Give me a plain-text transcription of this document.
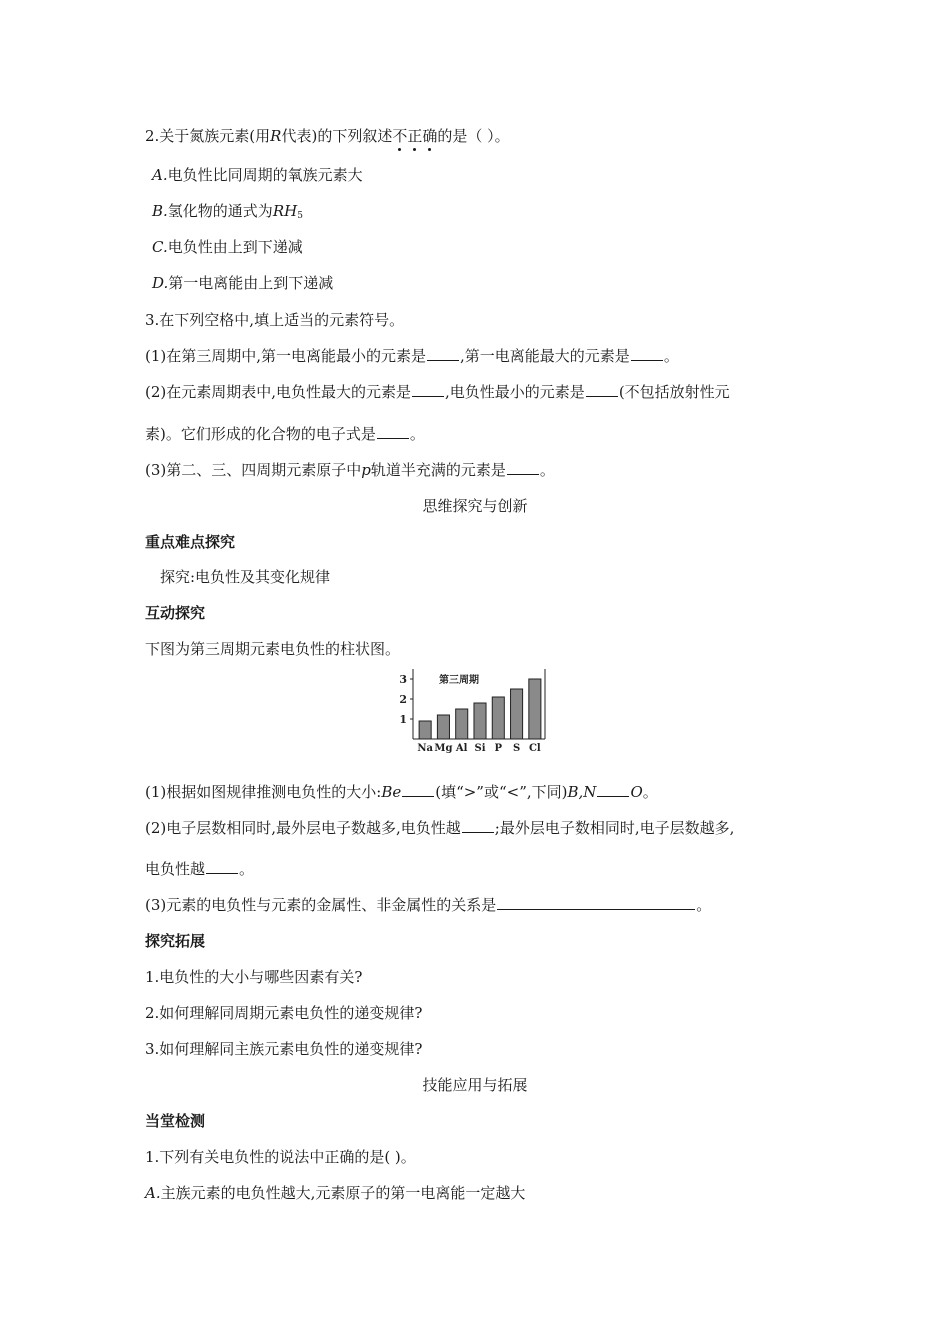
2.关于氮族元素(用R代表)的下列叙述不正确的是（ ）。
A.电负性比同周期的氧族元素大
B.氢化物的通式为$RH_5$
C.电负性由上到下递减
D.第一电离能由上到下递减
3.在下列空格中,填上适当的元素符号。
(1)在第三周期中,第一电离能最小的元素是 ,第一电离能最大的元素是 。
(2)在元素周期表中,电负性最大的元素是 ,电负性最小的元素是 (不包括放射性元
素)。它们形成的化合物的电子式是 。
(3)第二、三、四周期元素原子中p轨道半充满的元素是 。
思维探究与创新
重点难点探究
探究:电负性及其变化规律
互动探究
下图为第三周期元素电负性的柱状图。
1
2
3	第三周期
Na Mg Al Si P S Cl
(1)根据如图规律推测电负性的大小:Be (填“>”或“<”,下同)B,N O。
(2)电子层数相同时,最外层电子数越多,电负性越 ;最外层电子数相同时,电子层数越多,
电负性越 。
(3)元素的电负性与元素的金属性、非金属性的关系是	。
探究拓展
1.电负性的大小与哪些因素有关?
2.如何理解同周期元素电负性的递变规律?
3.如何理解同主族元素电负性的递变规律?
技能应用与拓展
当堂检测
1.下列有关电负性的说法中正确的是( )。
A.主族元素的电负性越大,元素原子的第一电离能一定越大
